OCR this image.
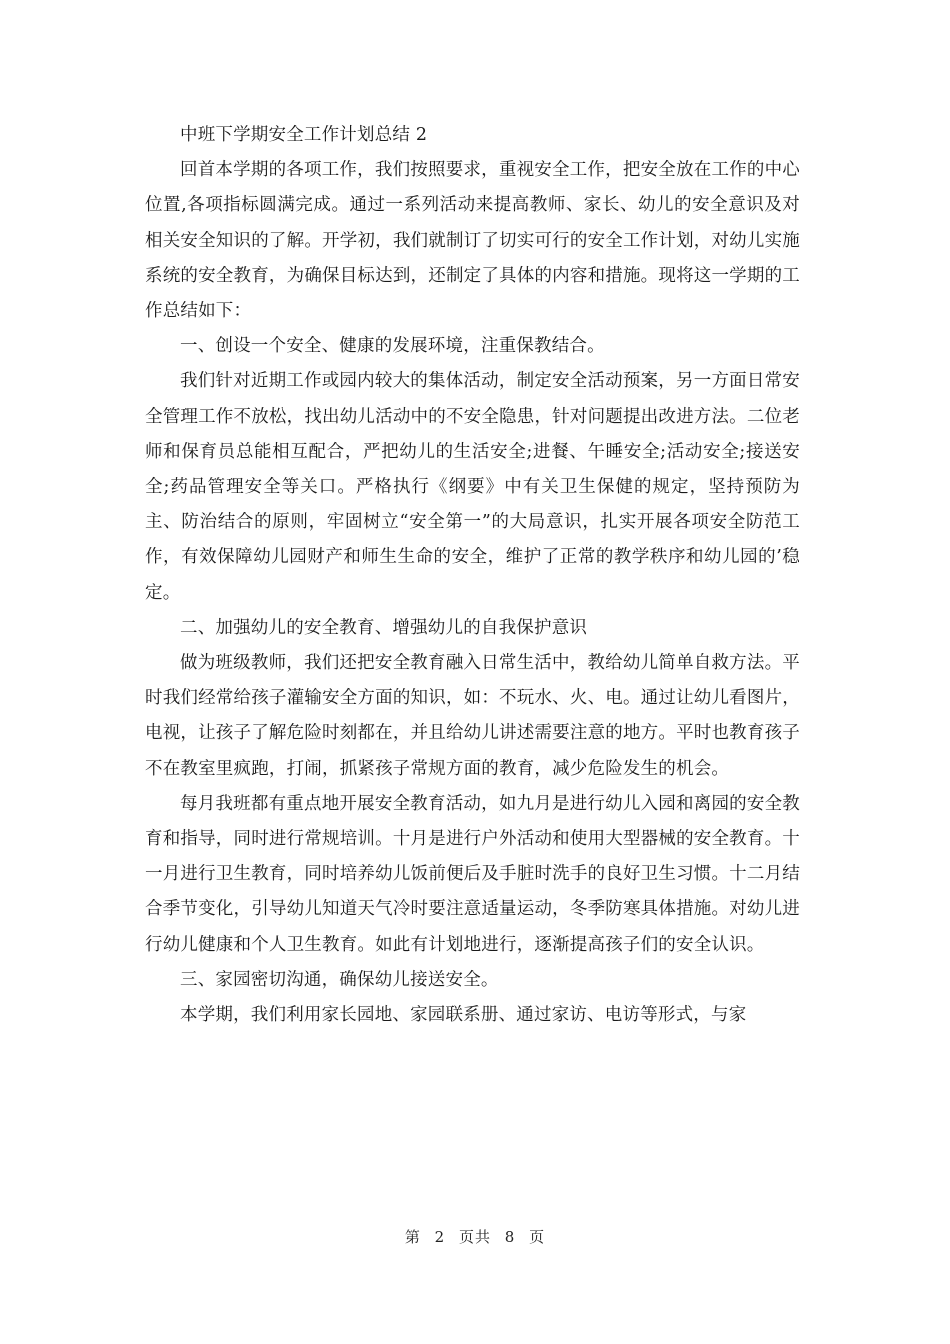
中班下学期安全工作计划总结 2

回首本学期的各项工作，我们按照要求，重视安全工作，把安全放在工作的中心位置,各项指标圆满完成。通过一系列活动来提高教师、家长、幼儿的安全意识及对相关安全知识的了解。开学初，我们就制订了切实可行的安全工作计划，对幼儿实施系统的安全教育，为确保目标达到，还制定了具体的内容和措施。现将这一学期的工作总结如下：

一、创设一个安全、健康的发展环境，注重保教结合。

我们针对近期工作或园内较大的集体活动，制定安全活动预案，另一方面日常安全管理工作不放松，找出幼儿活动中的不安全隐患，针对问题提出改进方法。二位老师和保育员总能相互配合，严把幼儿的生活安全;进餐、午睡安全;活动安全;接送安全;药品管理安全等关口。严格执行《纲要》中有关卫生保健的规定，坚持预防为主、防治结合的原则，牢固树立“安全第一”的大局意识，扎实开展各项安全防范工作，有效保障幼儿园财产和师生生命的安全，维护了正常的教学秩序和幼儿园的’稳定。

二、加强幼儿的安全教育、增强幼儿的自我保护意识

做为班级教师，我们还把安全教育融入日常生活中，教给幼儿简单自救方法。平时我们经常给孩子灌输安全方面的知识，如：不玩水、火、电。通过让幼儿看图片，电视，让孩子了解危险时刻都在，并且给幼儿讲述需要注意的地方。平时也教育孩子不在教室里疯跑，打闹，抓紧孩子常规方面的教育，减少危险发生的机会。

每月我班都有重点地开展安全教育活动，如九月是进行幼儿入园和离园的安全教育和指导，同时进行常规培训。十月是进行户外活动和使用大型器械的安全教育。十一月进行卫生教育，同时培养幼儿饭前便后及手脏时洗手的良好卫生习惯。十二月结合季节变化，引导幼儿知道天气冷时要注意适量运动，冬季防寒具体措施。对幼儿进行幼儿健康和个人卫生教育。如此有计划地进行，逐渐提高孩子们的安全认识。

三、家园密切沟通，确保幼儿接送安全。

本学期，我们利用家长园地、家园联系册、通过家访、电访等形式，与家

第 2 页共 8 页
